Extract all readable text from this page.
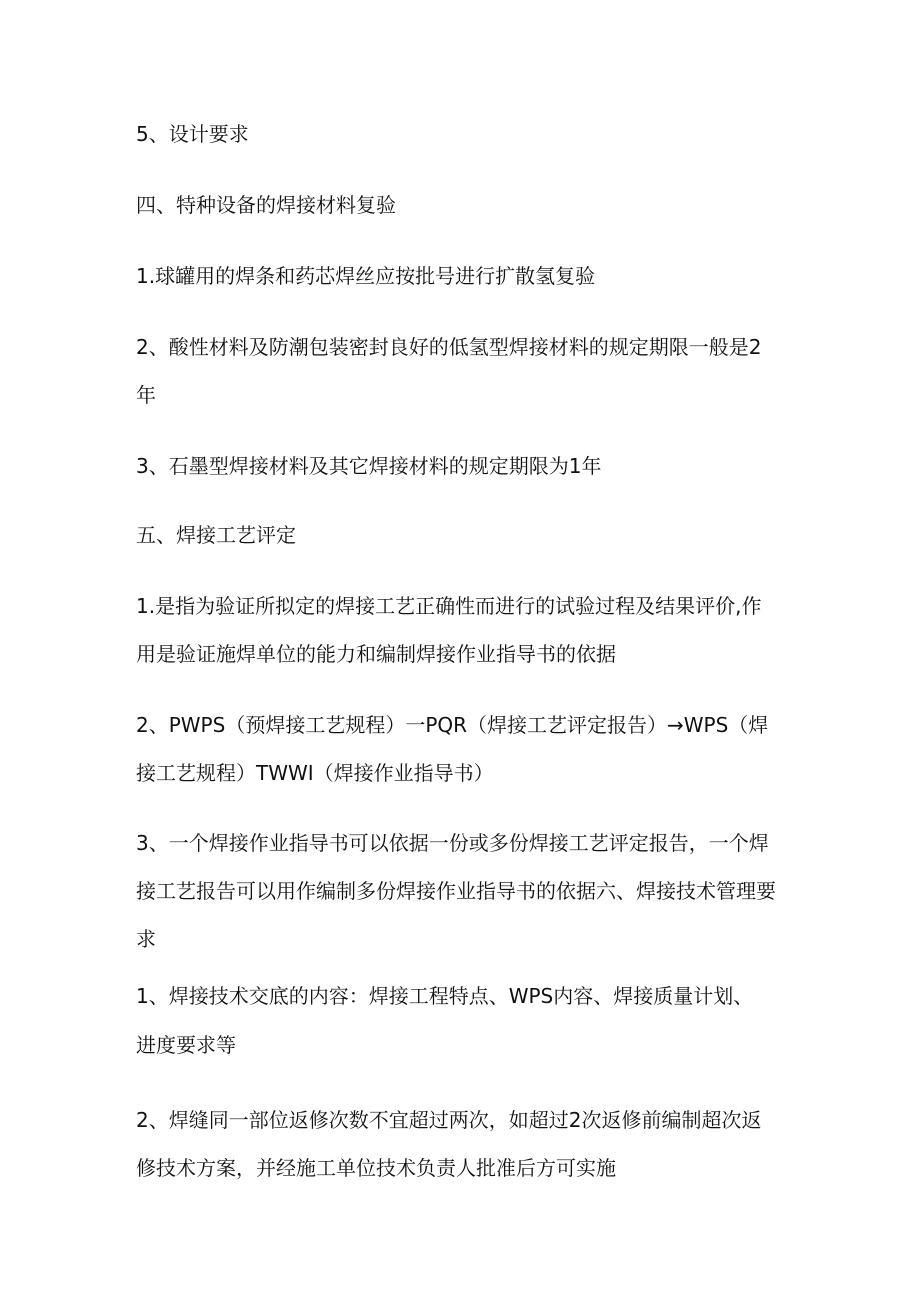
5、设计要求
四、特种设备的焊接材料复验
1.球罐用的焊条和药芯焊丝应按批号进行扩散氢复验
2、酸性材料及防潮包装密封良好的低氢型焊接材料的规定期限一般是2
年
3、石墨型焊接材料及其它焊接材料的规定期限为1年
五、焊接工艺评定
1.是指为验证所拟定的焊接工艺正确性而进行的试验过程及结果评价,作
用是验证施焊单位的能力和编制焊接作业指导书的依据
2、PWPS（预焊接工艺规程）一PQR（焊接工艺评定报告）→WPS（焊
接工艺规程）TWWI（焊接作业指导书）
3、一个焊接作业指导书可以依据一份或多份焊接工艺评定报告，一个焊
接工艺报告可以用作编制多份焊接作业指导书的依据六、焊接技术管理要
求
1、焊接技术交底的内容：焊接工程特点、WPS内容、焊接质量计划、
进度要求等
2、焊缝同一部位返修次数不宜超过两次，如超过2次返修前编制超次返
修技术方案，并经施工单位技术负责人批准后方可实施
